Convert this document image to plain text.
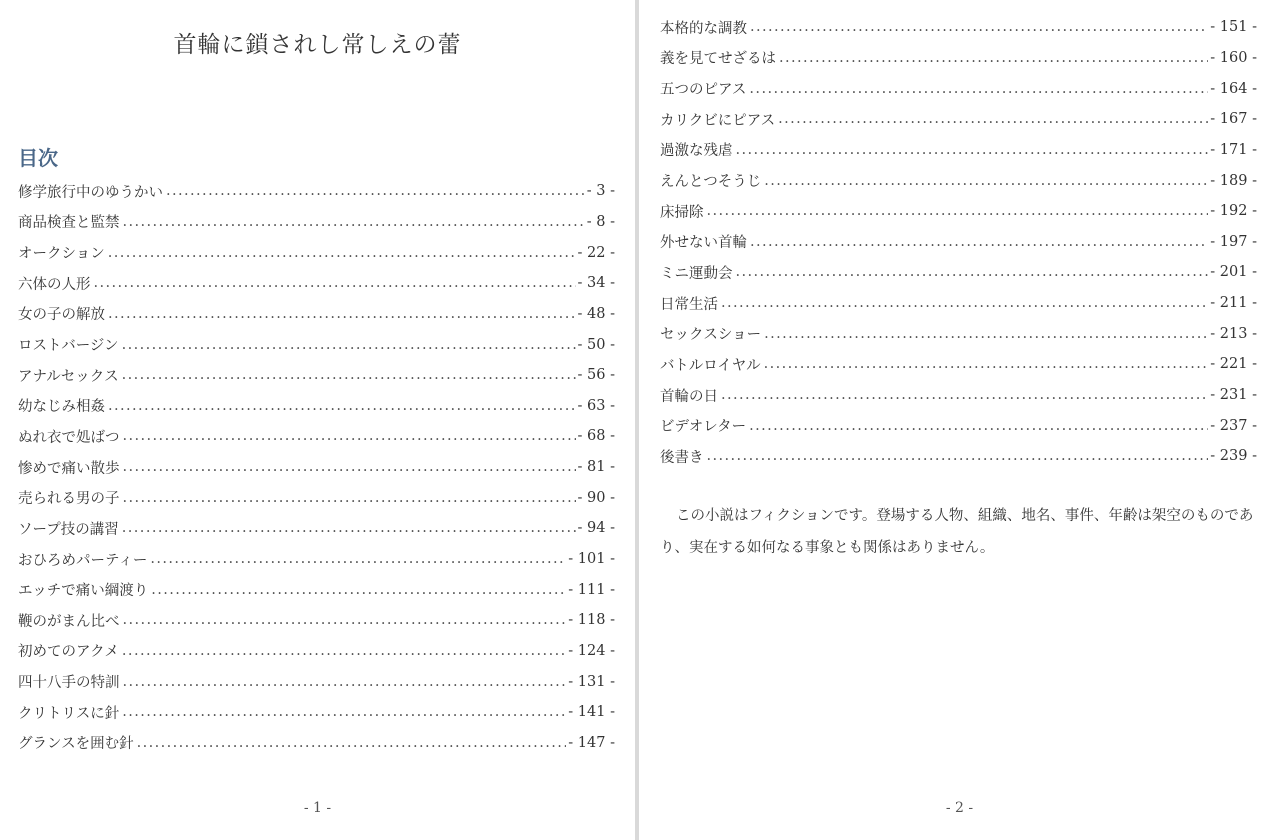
首輪に鎖されし常しえの蕾
目次
修学旅行中のゆうかい .....	- 3 -
商品検査と監禁 .....	- 8 -
オークション .....	- 22 -
六体の人形 .....	- 34 -
女の子の解放 .....	- 48 -
ロストバージン .....	- 50 -
アナルセックス .....	- 56 -
幼なじみ相姦 .....	- 63 -
ぬれ衣で処ばつ .....	- 68 -
惨めで痛い散歩 .....	- 81 -
売られる男の子 .....	- 90 -
ソープ技の講習 .....	- 94 -
おひろめパーティー .....	- 101 -
エッチで痛い綱渡り .....	- 111 -
鞭のがまん比べ .....	- 118 -
初めてのアクメ .....	- 124 -
四十八手の特訓 .....	- 131 -
クリトリスに針 .....	- 141 -
グランスを囲む針 .....	- 147 -
- 1 -
本格的な調教 .....	- 151 -
義を見てせざるは .....	- 160 -
五つのピアス .....	- 164 -
カリクビにピアス .....	- 167 -
過激な残虐 .....	- 171 -
えんとつそうじ .....	- 189 -
床掃除 .....	- 192 -
外せない首輪 .....	- 197 -
ミニ運動会 .....	- 201 -
日常生活 .....	- 211 -
セックスショー .....	- 213 -
バトルロイヤル .....	- 221 -
首輪の日 .....	- 231 -
ビデオレター .....	- 237 -
後書き .....	- 239 -

この小説はフィクションです。登場する人物、組織、地名、事件、年齢は架空のものであり、実在する如何なる事象とも関係はありません。

- 2 -
